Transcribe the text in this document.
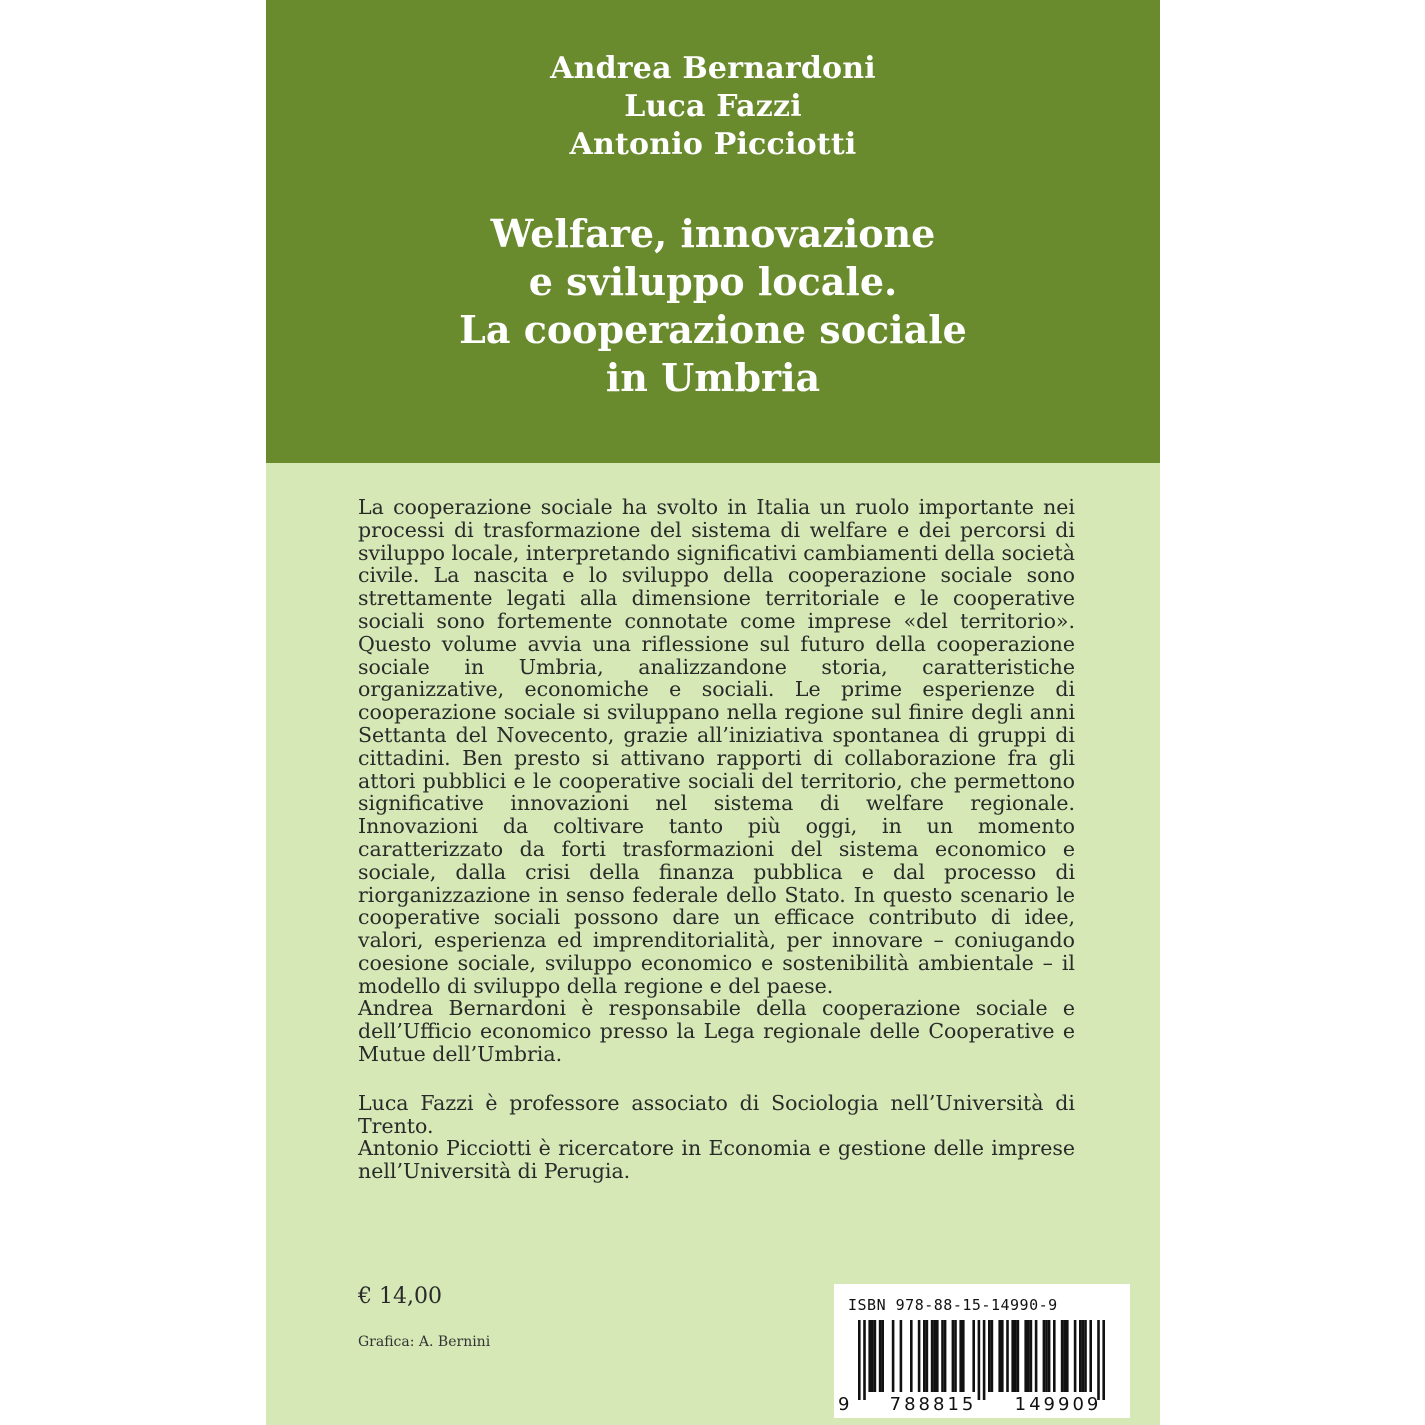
Andrea Bernardoni
Luca Fazzi
Antonio Picciotti
Welfare, innovazione
e sviluppo locale.
La cooperazione sociale
in Umbria
La cooperazione sociale ha svolto in Italia un ruolo importante nei processi di trasformazione del sistema di welfare e dei percorsi di sviluppo locale, interpretando significativi cambiamenti della società civile. La nascita e lo sviluppo della cooperazione sociale sono strettamente legati alla dimensione territoriale e le cooperative sociali sono fortemente connotate come imprese «del territorio». Questo volume avvia una riflessione sul futuro della cooperazione sociale in Umbria, analizzandone storia, caratteristiche organizzative, economiche e sociali. Le prime esperienze di cooperazione sociale si sviluppano nella regione sul finire degli anni Settanta del Novecento, grazie all’iniziativa spontanea di gruppi di cittadini. Ben presto si attivano rapporti di collaborazione fra gli attori pubblici e le cooperative sociali del territorio, che permettono significative innovazioni nel sistema di welfare regionale. Innovazioni da coltivare tanto più oggi, in un momento caratterizzato da forti trasformazioni del sistema economico e sociale, dalla crisi della finanza pubblica e dal processo di riorganizzazione in senso federale dello Stato. In questo scenario le cooperative sociali possono dare un efficace contributo di idee, valori, esperienza ed imprenditorialità, per innovare – coniugando coesione sociale, sviluppo economico e sostenibilità ambientale – il modello di sviluppo della regione e del paese.
Andrea Bernardoni è responsabile della cooperazione sociale e dell’Ufficio economico presso la Lega regionale delle Cooperative e Mutue dell’Umbria.
Luca Fazzi è professore associato di Sociologia nell’Università di Trento.
Antonio Picciotti è ricercatore in Economia e gestione delle imprese nell’Università di Perugia.
€ 14,00
Grafica: A. Bernini
ISBN 978-88-15-14990-9
9	788815	149909
